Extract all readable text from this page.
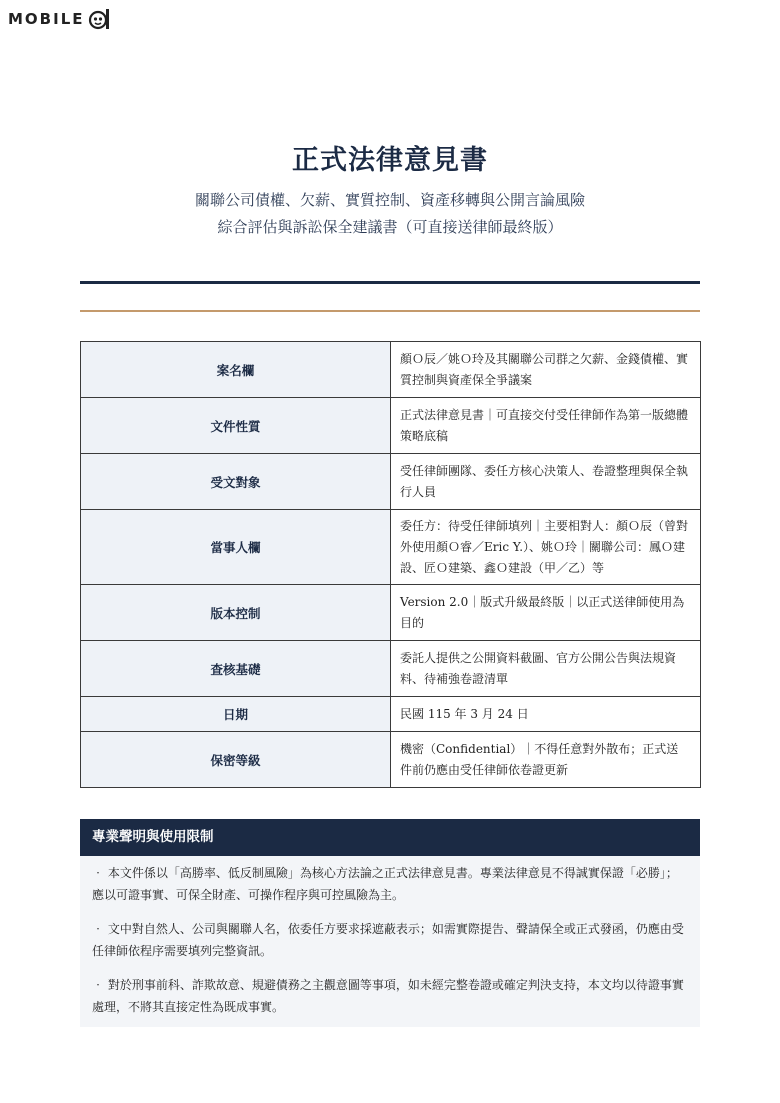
MOBILE
正式法律意見書
關聯公司債權、欠薪、實質控制、資產移轉與公開言論風險
綜合評估與訴訟保全建議書（可直接送律師最終版）
案名欄	顏Ｏ辰／姚Ｏ玲及其關聯公司群之欠薪、金錢債權、實質控制與資產保全爭議案
文件性質	正式法律意見書｜可直接交付受任律師作為第一版總體策略底稿
受文對象	受任律師團隊、委任方核心決策人、卷證整理與保全執行人員
當事人欄	委任方：待受任律師填列｜主要相對人：顏Ｏ辰（曾對外使用顏Ｏ睿／Eric Y.）、姚Ｏ玲｜關聯公司：鳳Ｏ建設、匠Ｏ建築、鑫Ｏ建設（甲／乙）等
版本控制	Version 2.0｜版式升級最終版｜以正式送律師使用為目的
查核基礎	委託人提供之公開資料截圖、官方公開公告與法規資料、待補強卷證清單
日期	民國 115 年 3 月 24 日
保密等級	機密（Confidential）｜不得任意對外散布；正式送件前仍應由受任律師依卷證更新
專業聲明與使用限制

‧ 本文件係以「高勝率、低反制風險」為核心方法論之正式法律意見書。專業法律意見不得誠實保證「必勝」；應以可證事實、可保全財產、可操作程序與可控風險為主。

‧ 文中對自然人、公司與關聯人名，依委任方要求採遮蔽表示；如需實際提告、聲請保全或正式發函，仍應由受任律師依程序需要填列完整資訊。

‧ 對於刑事前科、詐欺故意、規避債務之主觀意圖等事項，如未經完整卷證或確定判決支持，本文均以待證事實處理，不將其直接定性為既成事實。
